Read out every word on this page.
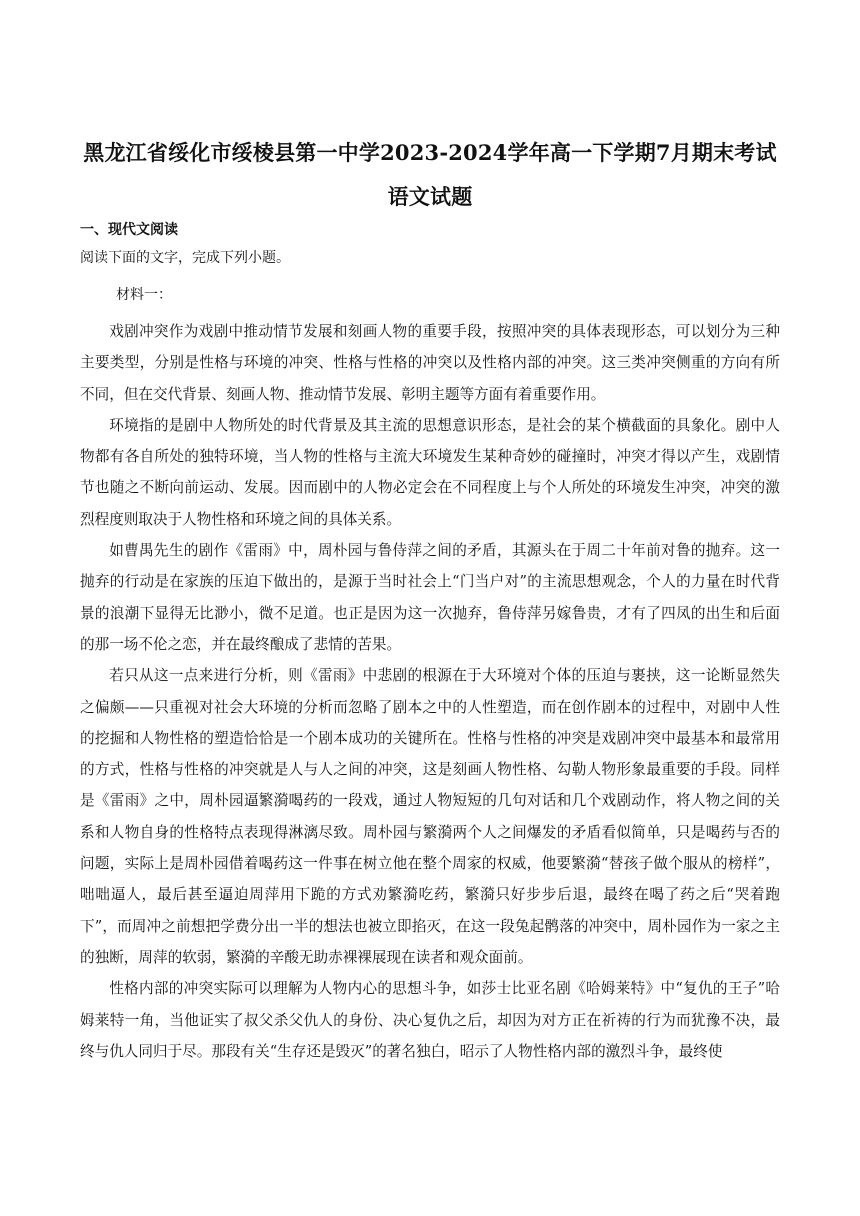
黑龙江省绥化市绥棱县第一中学2023-2024学年高一下学期7月期末考试
语文试题
一、现代文阅读
阅读下面的文字，完成下列小题。
材料一：

戏剧冲突作为戏剧中推动情节发展和刻画人物的重要手段，按照冲突的具体表现形态，可以划分为三种主要类型，分别是性格与环境的冲突、性格与性格的冲突以及性格内部的冲突。这三类冲突侧重的方向有所不同，但在交代背景、刻画人物、推动情节发展、彰明主题等方面有着重要作用。

环境指的是剧中人物所处的时代背景及其主流的思想意识形态，是社会的某个横截面的具象化。剧中人物都有各自所处的独特环境，当人物的性格与主流大环境发生某种奇妙的碰撞时，冲突才得以产生，戏剧情节也随之不断向前运动、发展。因而剧中的人物必定会在不同程度上与个人所处的环境发生冲突，冲突的激烈程度则取决于人物性格和环境之间的具体关系。

如曹禺先生的剧作《雷雨》中，周朴园与鲁侍萍之间的矛盾，其源头在于周二十年前对鲁的抛弃。这一抛弃的行动是在家族的压迫下做出的，是源于当时社会上“门当户对”的主流思想观念，个人的力量在时代背景的浪潮下显得无比渺小，微不足道。也正是因为这一次抛弃，鲁侍萍另嫁鲁贵，才有了四凤的出生和后面的那一场不伦之恋，并在最终酿成了悲情的苦果。

若只从这一点来进行分析，则《雷雨》中悲剧的根源在于大环境对个体的压迫与裹挟，这一论断显然失之偏颇——只重视对社会大环境的分析而忽略了剧本之中的人性塑造，而在创作剧本的过程中，对剧中人性的挖掘和人物性格的塑造恰恰是一个剧本成功的关键所在。性格与性格的冲突是戏剧冲突中最基本和最常用的方式，性格与性格的冲突就是人与人之间的冲突，这是刻画人物性格、勾勒人物形象最重要的手段。同样是《雷雨》之中，周朴园逼繁漪喝药的一段戏，通过人物短短的几句对话和几个戏剧动作，将人物之间的关系和人物自身的性格特点表现得淋漓尽致。周朴园与繁漪两个人之间爆发的矛盾看似简单，只是喝药与否的问题，实际上是周朴园借着喝药这一件事在树立他在整个周家的权威，他要繁漪“替孩子做个服从的榜样”，咄咄逼人，最后甚至逼迫周萍用下跪的方式劝繁漪吃药，繁漪只好步步后退，最终在喝了药之后“哭着跑下”，而周冲之前想把学费分出一半的想法也被立即掐灭，在这一段兔起鹘落的冲突中，周朴园作为一家之主的独断，周萍的软弱，繁漪的辛酸无助赤裸裸展现在读者和观众面前。

性格内部的冲突实际可以理解为人物内心的思想斗争，如莎士比亚名剧《哈姆莱特》中“复仇的王子”哈姆莱特一角，当他证实了叔父杀父仇人的身份、决心复仇之后，却因为对方正在祈祷的行为而犹豫不决，最终与仇人同归于尽。那段有关“生存还是毁灭”的著名独白，昭示了人物性格内部的激烈斗争，最终使
